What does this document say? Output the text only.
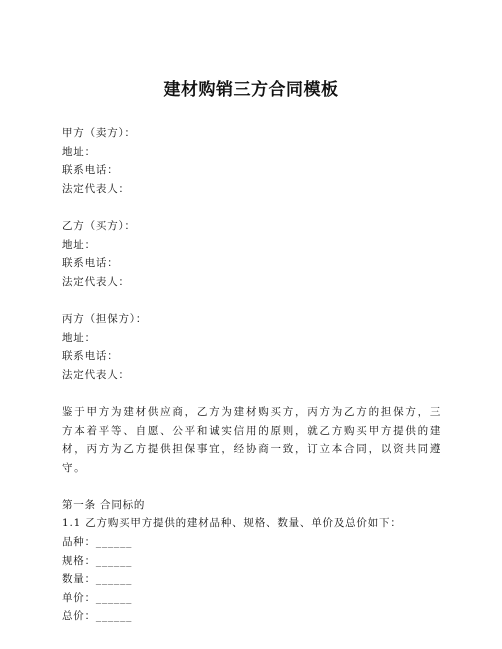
建材购销三方合同模板
甲方（卖方）：
地址：
联系电话：
法定代表人：
乙方（买方）：
地址：
联系电话：
法定代表人：
丙方（担保方）：
地址：
联系电话：
法定代表人：
鉴于甲方为建材供应商，乙方为建材购买方，丙方为乙方的担保方，三方本着平等、自愿、公平和诚实信用的原则，就乙方购买甲方提供的建材，丙方为乙方提供担保事宜，经协商一致，订立本合同，以资共同遵守。
第一条 合同标的
1.1 乙方购买甲方提供的建材品种、规格、数量、单价及总价如下：
品种：______
规格：______
数量：______
单价：______
总价：______
